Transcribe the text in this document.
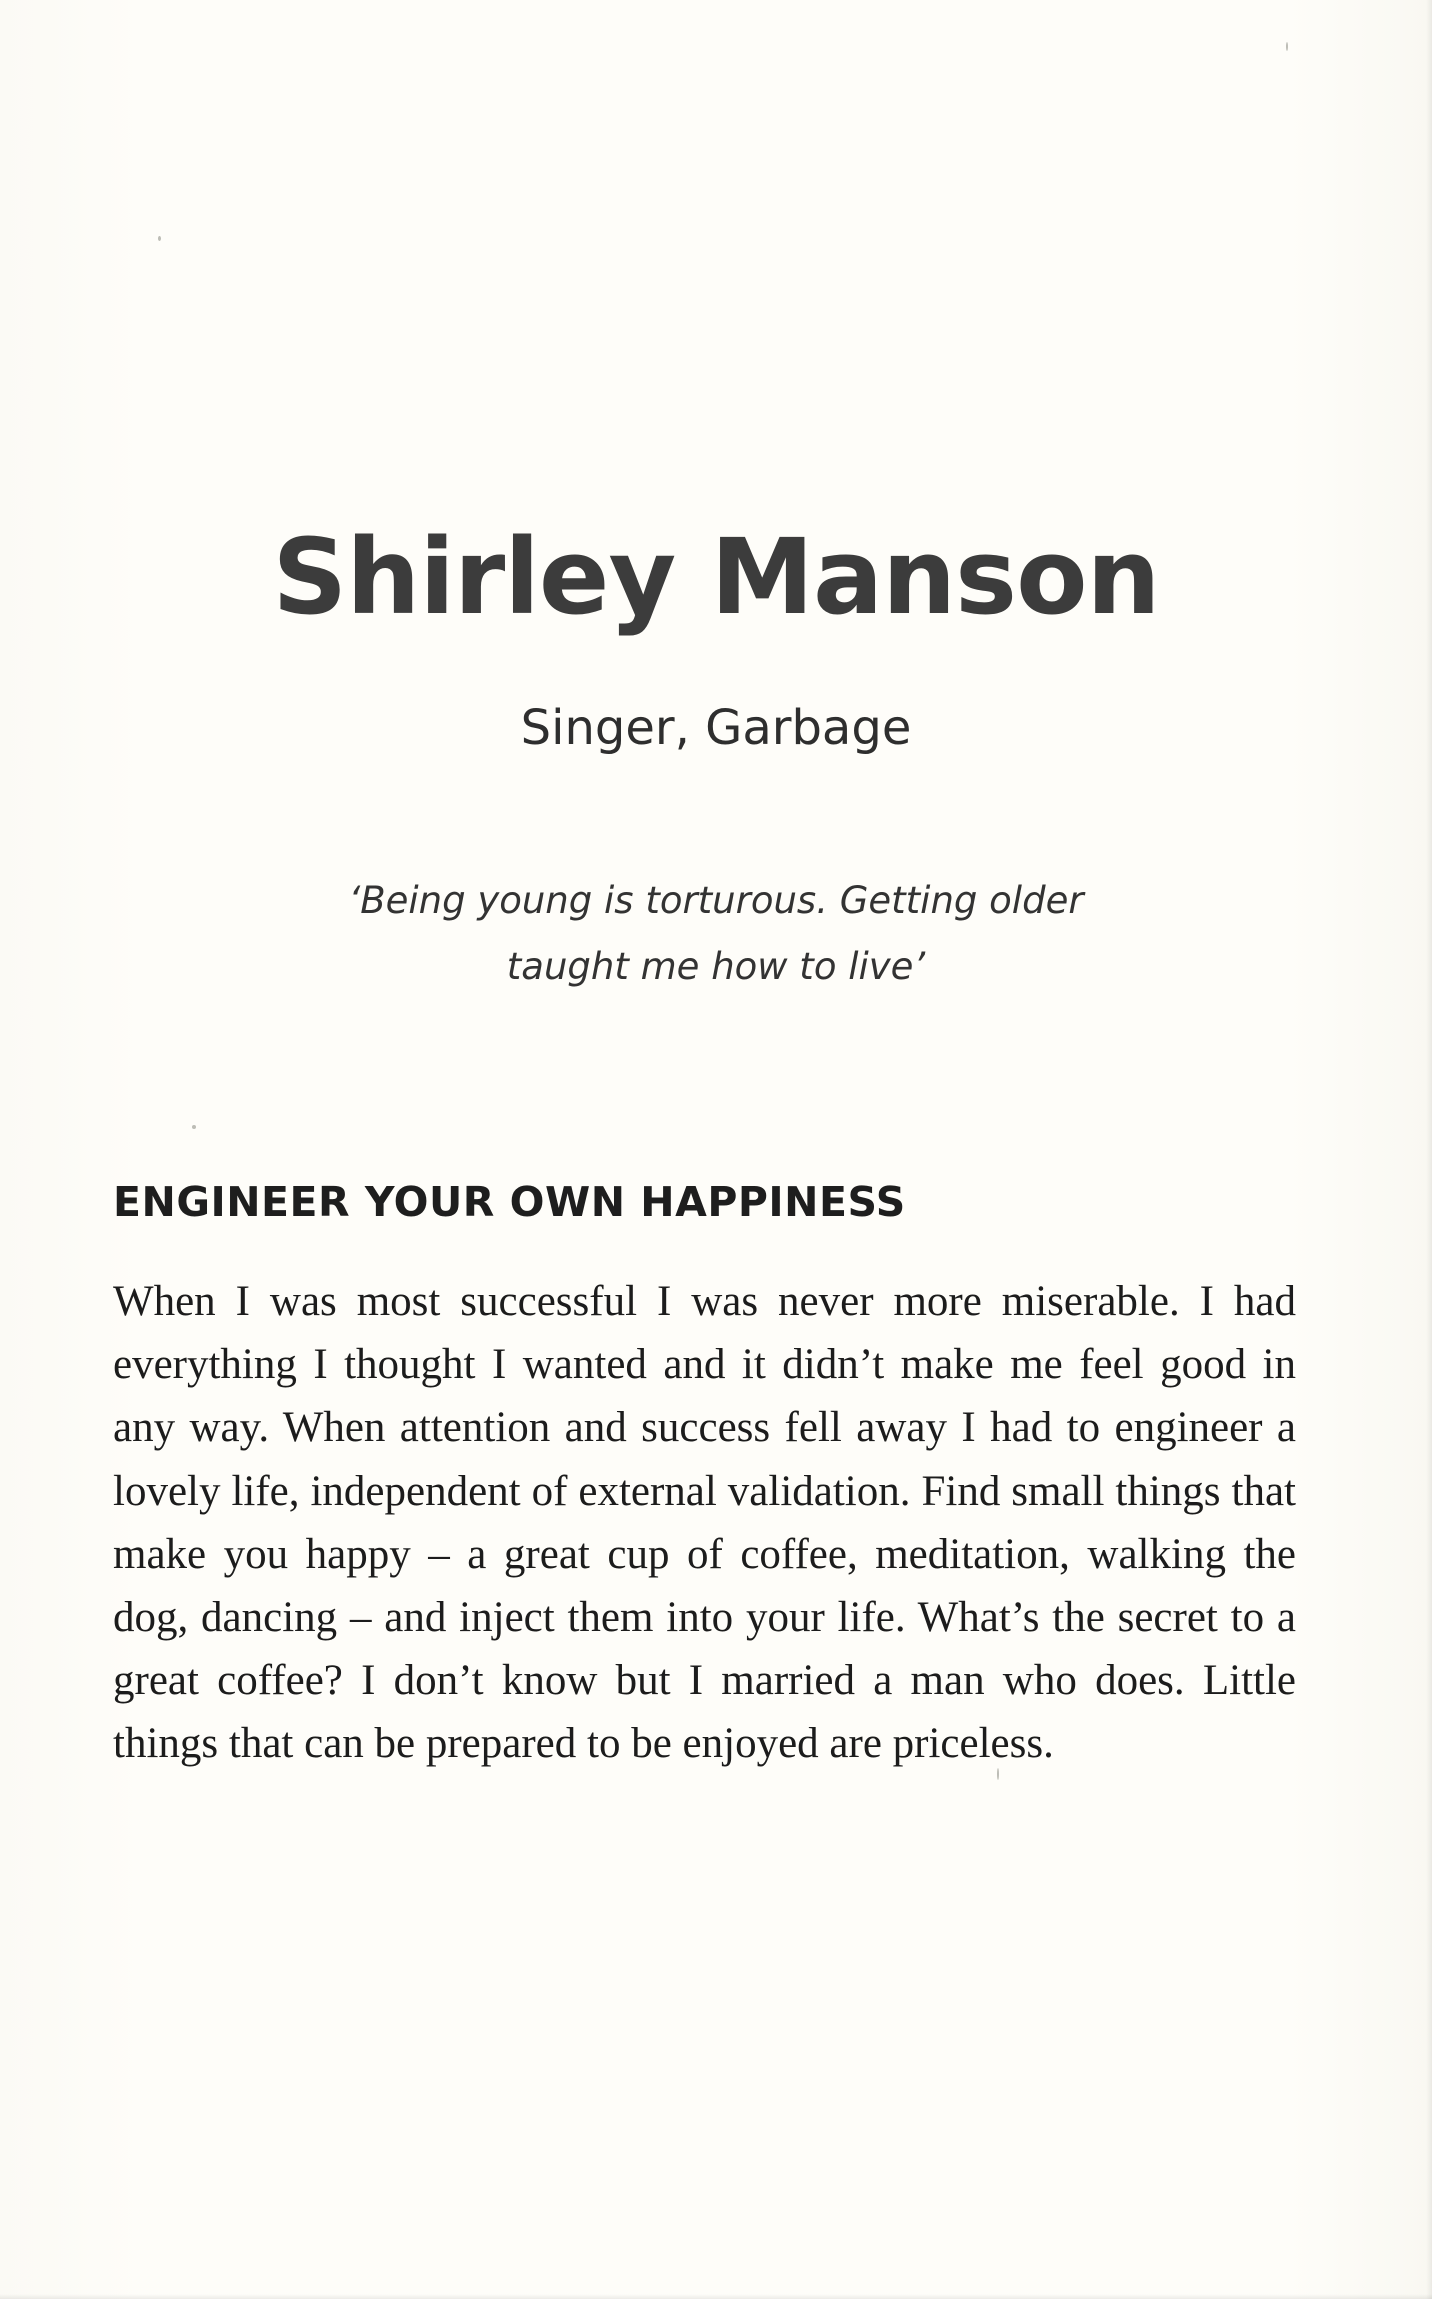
Shirley Manson

Singer, Garbage

‘Being young is torturous. Getting older taught me how to live’

ENGINEER YOUR OWN HAPPINESS

When I was most successful I was never more miserable. I had everything I thought I wanted and it didn’t make me feel good in any way. When attention and success fell away I had to engineer a lovely life, independent of external validation. Find small things that make you happy – a great cup of coffee, meditation, walking the dog, dancing – and inject them into your life. What’s the secret to a great coffee? I don’t know but I married a man who does. Little things that can be prepared to be enjoyed are priceless.
